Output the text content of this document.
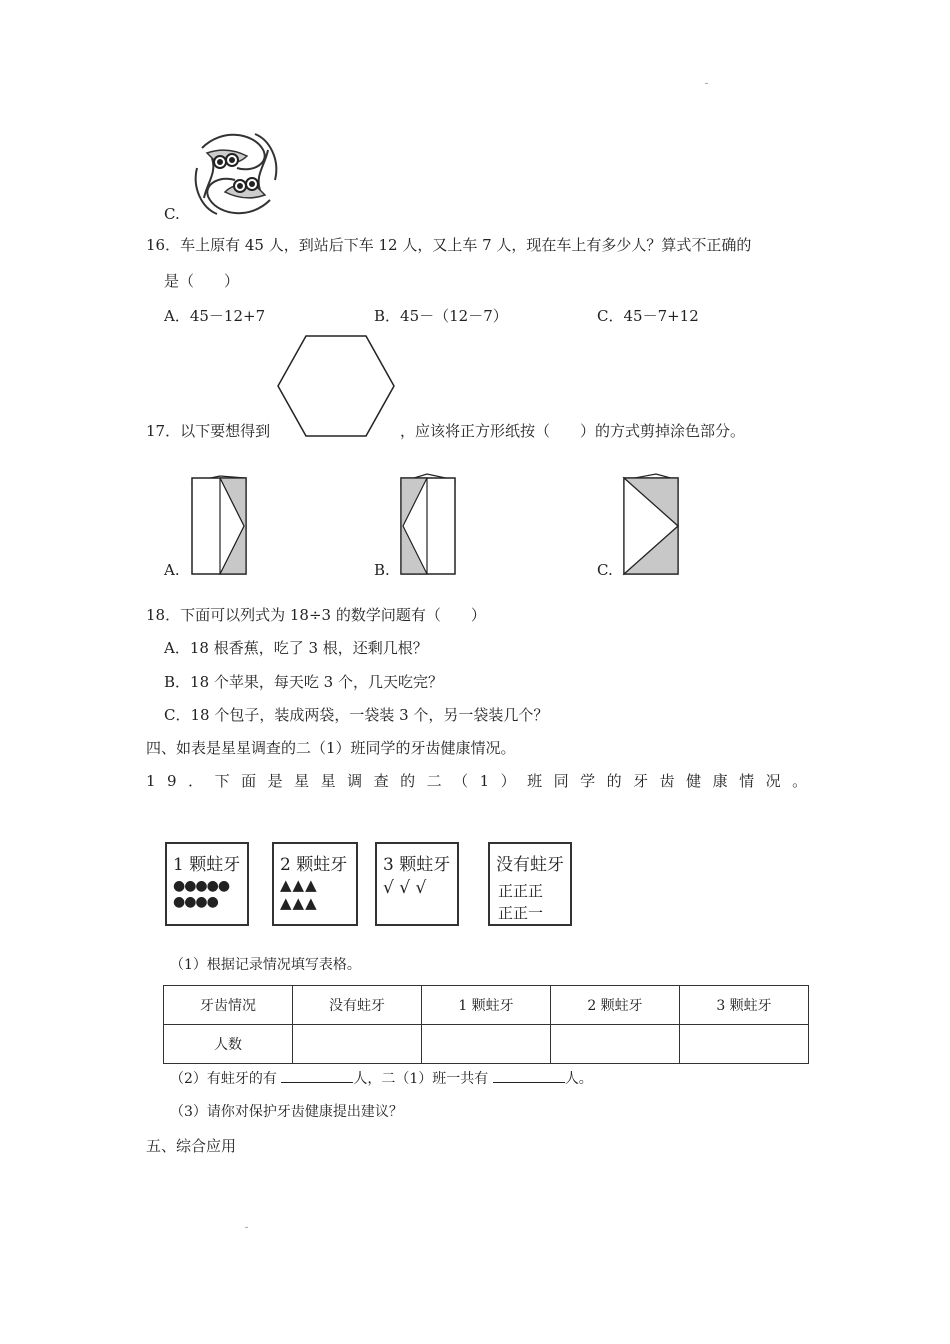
ˍ
ˍ
C.
16．车上原有 45 人，到站后下车 12 人，又上车 7 人，现在车上有多少人？算式不正确的
是（　　）
A．45－12+7	B．45－（12－7）	C．45－7+12
17．以下要想得到	，应该将正方形纸按（　　）的方式剪掉涂色部分。
A.	B.	C.
18．下面可以列式为 18÷3 的数学问题有（　　）
A．18 根香蕉，吃了 3 根，还剩几根？
B．18 个苹果，每天吃 3 个，几天吃完？
C．18 个包子，装成两袋，一袋装 3 个，另一袋装几个？
四、如表是星星调查的二（1）班同学的牙齿健康情况。
19．下面是星星调查的二（1）班同学的牙齿健康情况。
1 颗蛀牙
●●●●●
●●●●
2 颗蛀牙
▲▲▲
▲▲▲
3 颗蛀牙
√ √ √
没有蛀牙
正正正
正正一
（1）根据记录情况填写表格。
牙齿情况	没有蛀牙	1 颗蛀牙	2 颗蛀牙	3 颗蛀牙
人数				
（2）有蛀牙的有	人，二（1）班一共有	人。
（3）请你对保护牙齿健康提出建议？
五、综合应用
